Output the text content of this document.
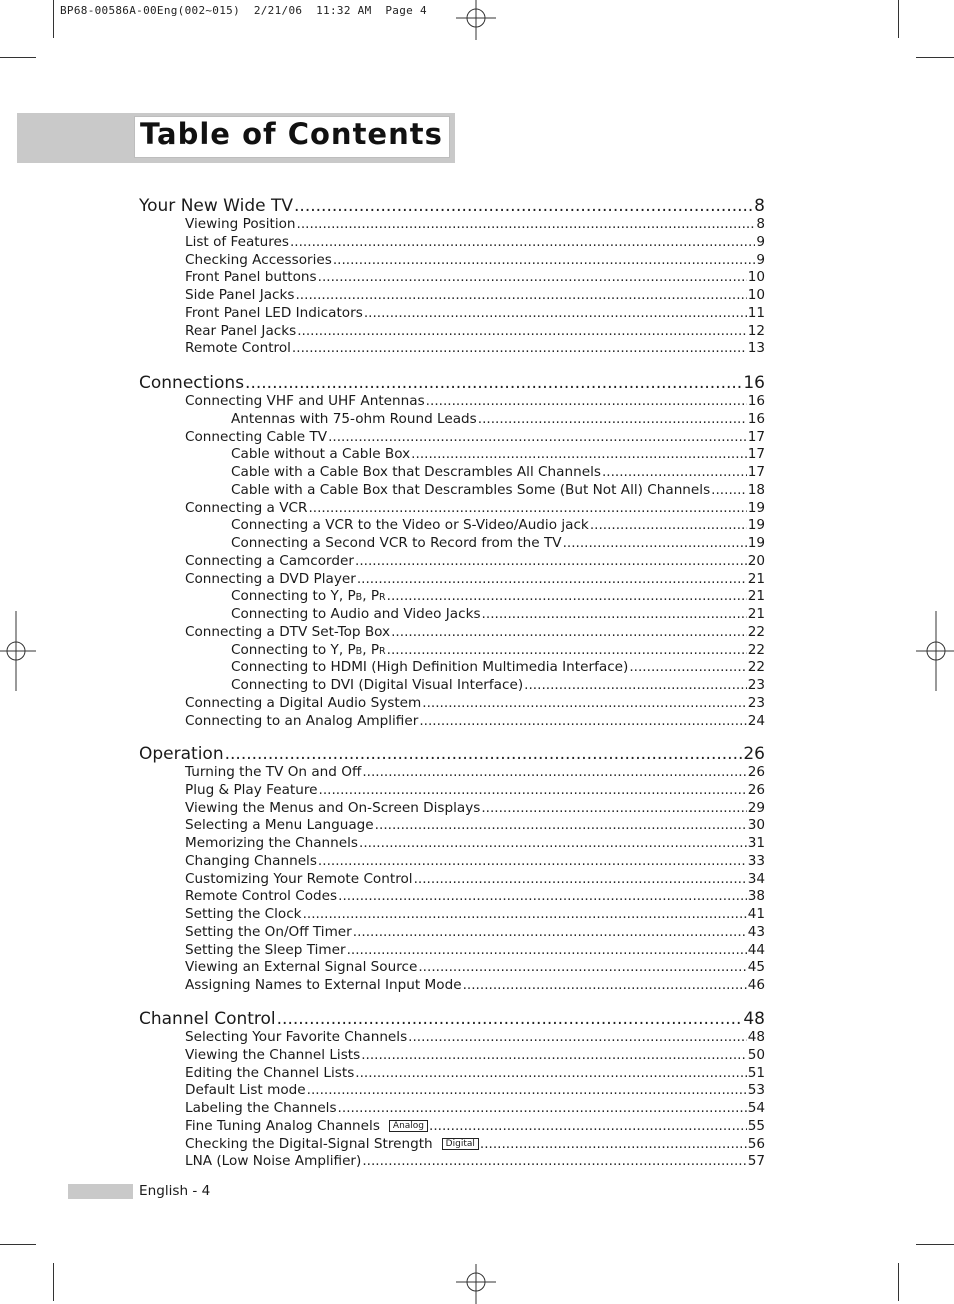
BP68-00586A-00Eng(002~015)  2/21/06  11:32 AM  Page 4
Table of Contents
Your New Wide TV .....	8
Viewing Position .....	8
List of Features .....	9
Checking Accessories .....	9
Front Panel buttons .....	10
Side Panel Jacks .....	10
Front Panel LED Indicators .....	11
Rear Panel Jacks .....	12
Remote Control .....	13
Connections .....	16
Connecting VHF and UHF Antennas .....	16
Antennas with 75-ohm Round Leads .....	16
Connecting Cable TV .....	17
Cable without a Cable Box .....	17
Cable with a Cable Box that Descrambles All Channels .....	17
Cable with a Cable Box that Descrambles Some (But Not All) Channels .....	18
Connecting a VCR .....	19
Connecting a VCR to the Video or S-Video/Audio jack .....	19
Connecting a Second VCR to Record from the TV .....	19
Connecting a Camcorder .....	20
Connecting a DVD Player .....	21
Connecting to Y, PB, PR .....	21
Connecting to Audio and Video Jacks .....	21
Connecting a DTV Set-Top Box .....	22
Connecting to Y, PB, PR .....	22
Connecting to HDMI (High Definition Multimedia Interface) .....	22
Connecting to DVI (Digital Visual Interface) .....	23
Connecting a Digital Audio System .....	23
Connecting to an Analog Amplifier .....	24
Operation .....	26
Turning the TV On and Off .....	26
Plug & Play Feature .....	26
Viewing the Menus and On-Screen Displays .....	29
Selecting a Menu Language .....	30
Memorizing the Channels .....	31
Changing Channels .....	33
Customizing Your Remote Control .....	34
Remote Control Codes .....	38
Setting the Clock .....	41
Setting the On/Off Timer .....	43
Setting the Sleep Timer .....	44
Viewing an External Signal Source .....	45
Assigning Names to External Input Mode .....	46
Channel Control .....	48
Selecting Your Favorite Channels .....	48
Viewing the Channel Lists .....	50
Editing the Channel Lists .....	51
Default List mode .....	53
Labeling the Channels .....	54
Fine Tuning Analog Channels Analog .....	55
Checking the Digital-Signal Strength Digital .....	56
LNA (Low Noise Amplifier) .....	57
English - 4
